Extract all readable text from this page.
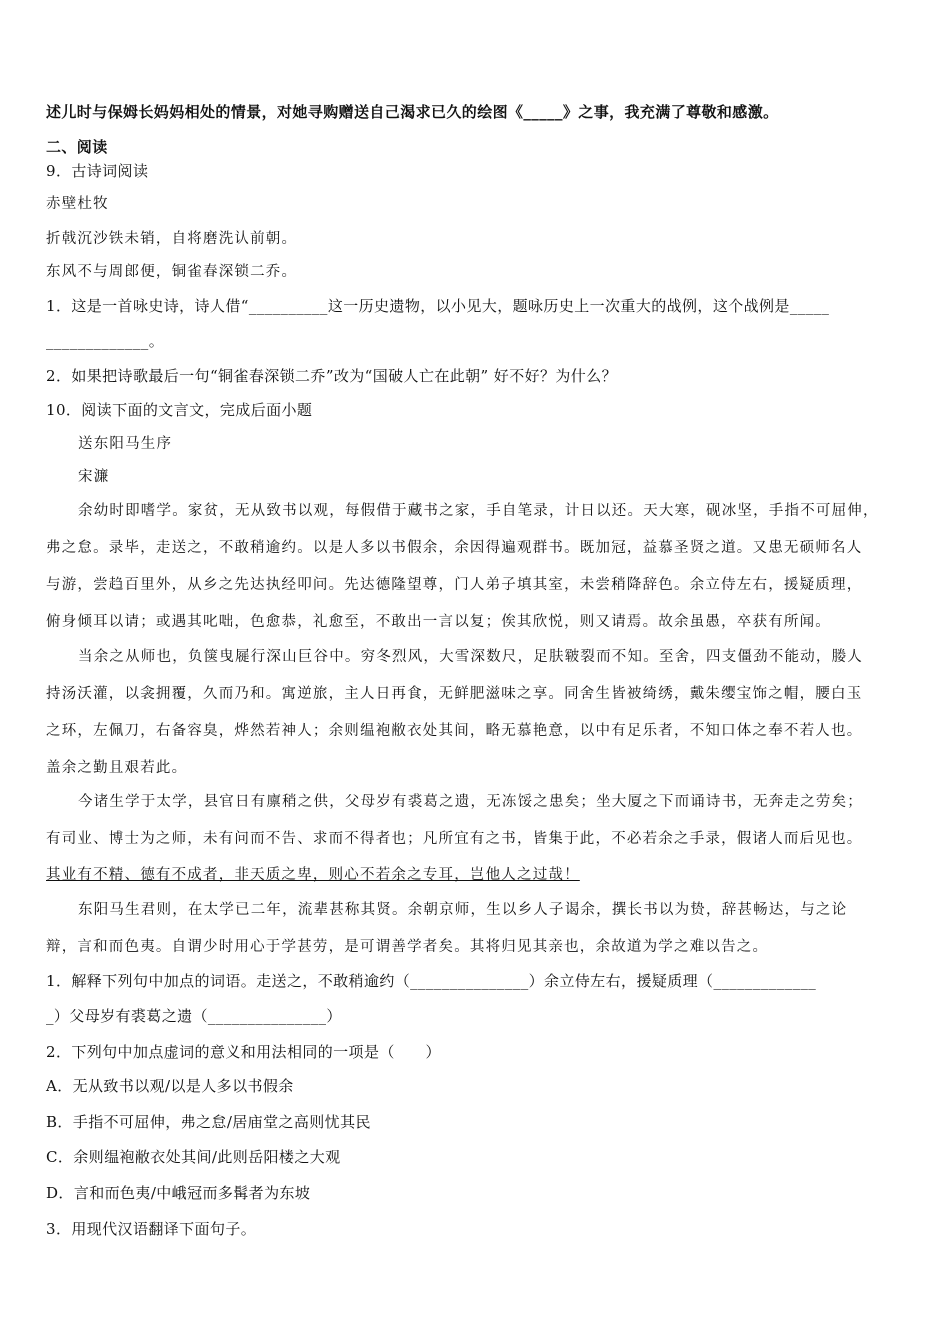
述儿时与保姆长妈妈相处的情景，对她寻购赠送自己渴求已久的绘图《_____》之事，我充满了尊敬和感激。
二、阅读
9．古诗词阅读
赤壁杜牧
折戟沉沙铁未销，自将磨洗认前朝。
东风不与周郎便，铜雀春深锁二乔。
1．这是一首咏史诗，诗人借“__________这一历史遗物，以小见大，题咏历史上一次重大的战例，这个战例是_____
_____________。
2．如果把诗歌最后一句“铜雀春深锁二乔”改为“国破人亡在此朝” 好不好？为什么？
10．阅读下面的文言文，完成后面小题
送东阳马生序
宋濂
余幼时即嗜学。家贫，无从致书以观，每假借于藏书之家，手自笔录，计日以还。天大寒，砚冰坚，手指不可屈伸，
弗之怠。录毕，走送之，不敢稍逾约。以是人多以书假余，余因得遍观群书。既加冠，益慕圣贤之道。又患无硕师名人
与游，尝趋百里外，从乡之先达执经叩问。先达德隆望尊，门人弟子填其室，未尝稍降辞色。余立侍左右，援疑质理，
俯身倾耳以请；或遇其叱咄，色愈恭，礼愈至，不敢出一言以复；俟其欣悦，则又请焉。故余虽愚，卒获有所闻。
当余之从师也，负箧曳屣行深山巨谷中。穷冬烈风，大雪深数尺，足肤皲裂而不知。至舍，四支僵劲不能动，媵人
持汤沃灌，以衾拥覆，久而乃和。寓逆旅，主人日再食，无鲜肥滋味之享。同舍生皆被绮绣，戴朱缨宝饰之帽，腰白玉
之环，左佩刀，右备容臭，烨然若神人；余则缊袍敝衣处其间，略无慕艳意，以中有足乐者，不知口体之奉不若人也。
盖余之勤且艰若此。
今诸生学于太学，县官日有廪稍之供，父母岁有裘葛之遗，无冻馁之患矣；坐大厦之下而诵诗书，无奔走之劳矣；
有司业、博士为之师，未有问而不告、求而不得者也；凡所宜有之书，皆集于此，不必若余之手录，假诸人而后见也。
其业有不精、德有不成者，非天质之卑，则心不若余之专耳，岂他人之过哉！
东阳马生君则，在太学已二年，流辈甚称其贤。余朝京师，生以乡人子谒余，撰长书以为贽，辞甚畅达，与之论
辩，言和而色夷。自谓少时用心于学甚劳，是可谓善学者矣。其将归见其亲也，余故道为学之难以告之。
1．解释下列句中加点的词语。走送之，不敢稍逾约（_______________）余立侍左右，援疑质理（_____________
_）父母岁有裘葛之遗（_______________）
2．下列句中加点虚词的意义和用法相同的一项是（　　）
A．无从致书以观/以是人多以书假余
B．手指不可屈伸，弗之怠/居庙堂之高则忧其民
C．余则缊袍敝衣处其间/此则岳阳楼之大观
D．言和而色夷/中峨冠而多髯者为东坡
3．用现代汉语翻译下面句子。
